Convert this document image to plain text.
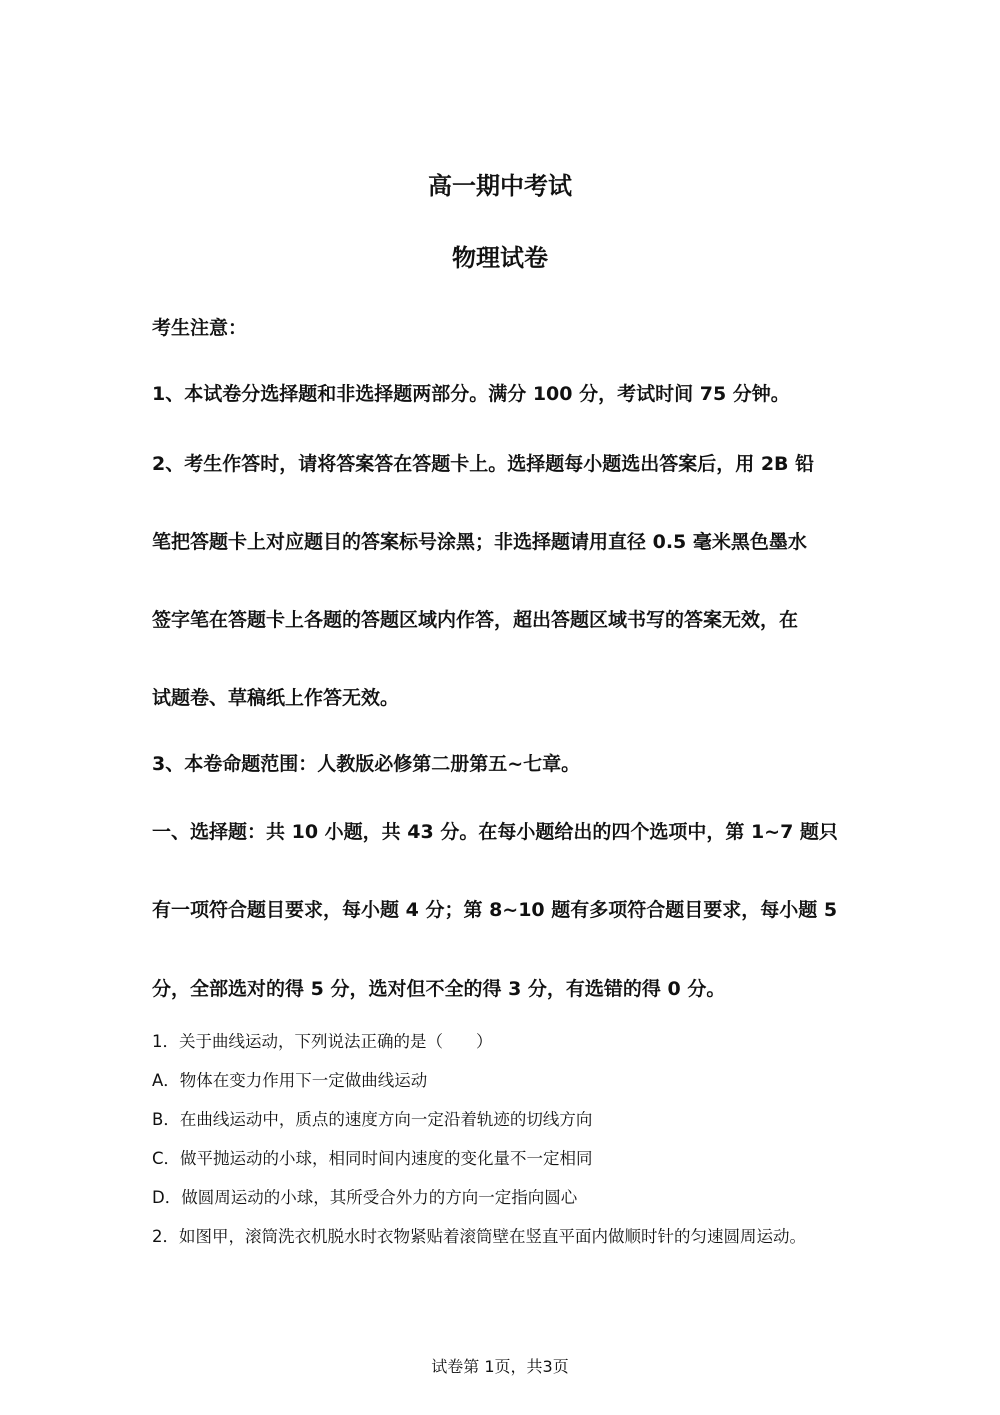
高一期中考试
物理试卷
考生注意：
1、本试卷分选择题和非选择题两部分。满分 100 分，考试时间 75 分钟。
2、考生作答时，请将答案答在答题卡上。选择题每小题选出答案后，用 2B 铅
笔把答题卡上对应题目的答案标号涂黑；非选择题请用直径 0.5 毫米黑色墨水
签字笔在答题卡上各题的答题区域内作答，超出答题区域书写的答案无效，在
试题卷、草稿纸上作答无效。
3、本卷命题范围：人教版必修第二册第五~七章。
一、选择题：共 10 小题，共 43 分。在每小题给出的四个选项中，第 1~7 题只
有一项符合题目要求，每小题 4 分；第 8~10 题有多项符合题目要求，每小题 5
分，全部选对的得 5 分，选对但不全的得 3 分，有选错的得 0 分。
1．关于曲线运动，下列说法正确的是（　　）
A．物体在变力作用下一定做曲线运动
B．在曲线运动中，质点的速度方向一定沿着轨迹的切线方向
C．做平抛运动的小球，相同时间内速度的变化量不一定相同
D．做圆周运动的小球，其所受合外力的方向一定指向圆心
2．如图甲，滚筒洗衣机脱水时衣物紧贴着滚筒壁在竖直平面内做顺时针的匀速圆周运动。
试卷第 1页，共3页
